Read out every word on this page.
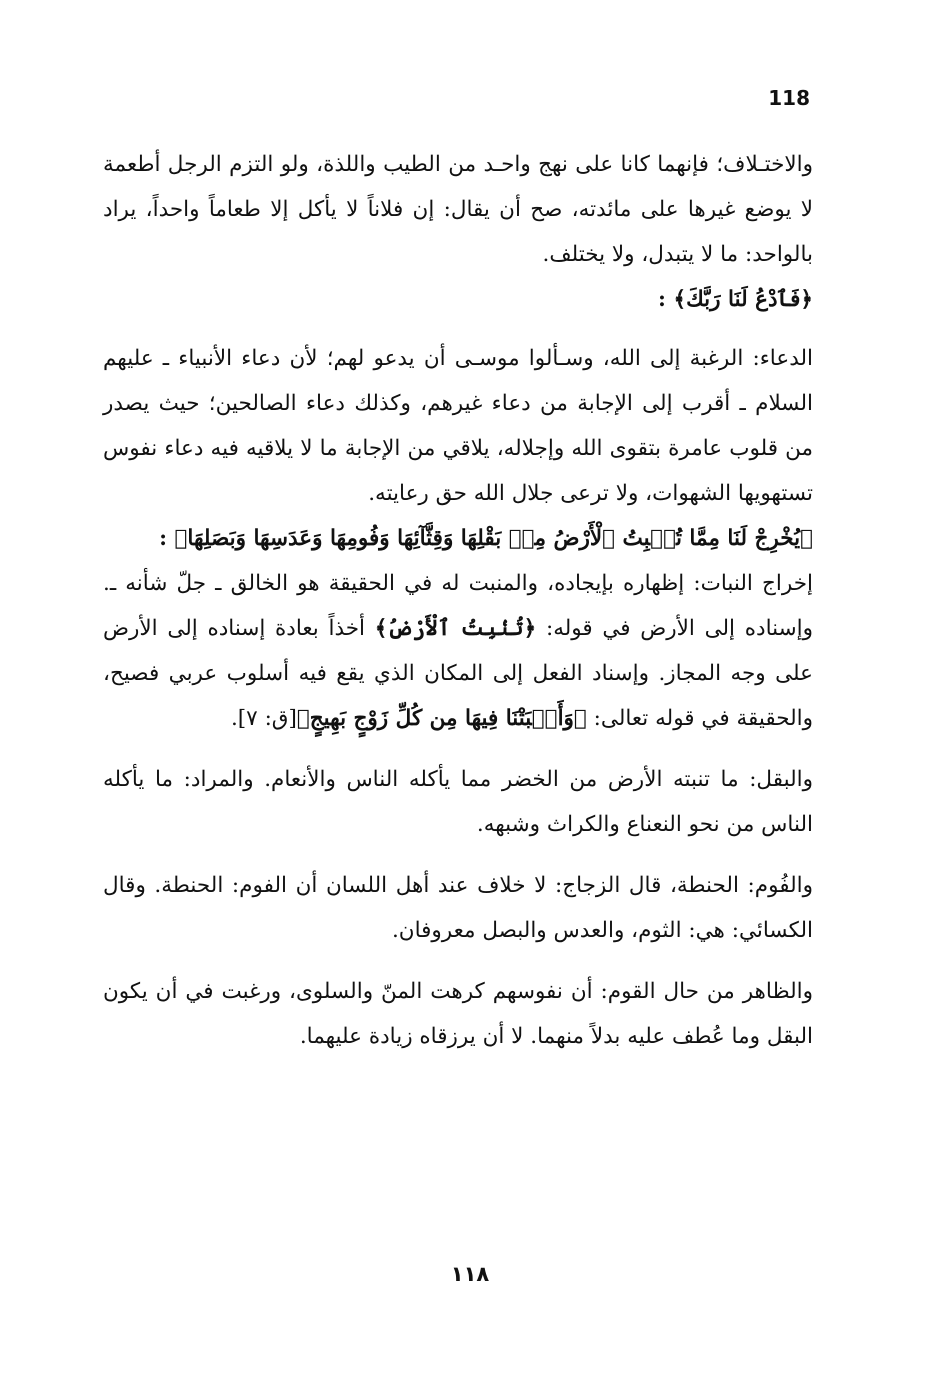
118

والاختـلاف؛ فإنهما كانا على نهج واحـد من الطيب واللذة، ولو التزم الرجل أطعمة لا يوضع غيرها على مائدته، صح أن يقال: إن فلاناً لا يأكل إلا طعاماً واحداً، يراد بالواحد: ما لا يتبدل، ولا يختلف.

﴿فَٱدْعُ لَنَا رَبَّكَ﴾ :

الدعاء: الرغبة إلى الله، وسـألوا موسـى أن يدعو لهم؛ لأن دعاء الأنبياء ـ عليهم السلام ـ أقرب إلى الإجابة من دعاء غيرهم، وكذلك دعاء الصالحين؛ حيث يصدر من قلوب عامرة بتقوى الله وإجلاله، يلاقي من الإجابة ما لا يلاقيه فيه دعاء نفوس تستهويها الشهوات، ولا ترعى جلال الله حق رعايته.

﴿يُخْرِجْ لَنَا مِمَّا تُنۢبِتُ ٱلْأَرْضُ مِنۢ بَقْلِهَا وَقِثَّآئِهَا وَفُومِهَا وَعَدَسِهَا وَبَصَلِهَا﴾ :

إخراج النبات: إظهاره بإيجاده، والمنبت له في الحقيقة هو الخالق ـ جلّ شأنه ـ. وإسناده إلى الأرض في قوله: ﴿تُنۢبِتُ ٱلْأَرْضُ﴾ أخذاً بعادة إسناده إلى الأرض على وجه المجاز. وإسناد الفعل إلى المكان الذي يقع فيه أسلوب عربي فصيح، والحقيقة في قوله تعالى: ﴿وَأَنۢبَتْنَا فِيهَا مِن كُلِّ زَوْجٍ بَهِيجٍ﴾[ق: ٧].

والبقل: ما تنبته الأرض من الخضر مما يأكله الناس والأنعام. والمراد: ما يأكله الناس من نحو النعناع والكراث وشبهه.

والفُوم: الحنطة، قال الزجاج: لا خلاف عند أهل اللسان أن الفوم: الحنطة. وقال الكسائي: هي: الثوم، والعدس والبصل معروفان.

والظاهر من حال القوم: أن نفوسهم كرهت المنّ والسلوى، ورغبت في أن يكون البقل وما عُطف عليه بدلاً منهما. لا أن يرزقاه زيادة عليهما.

١١٨
